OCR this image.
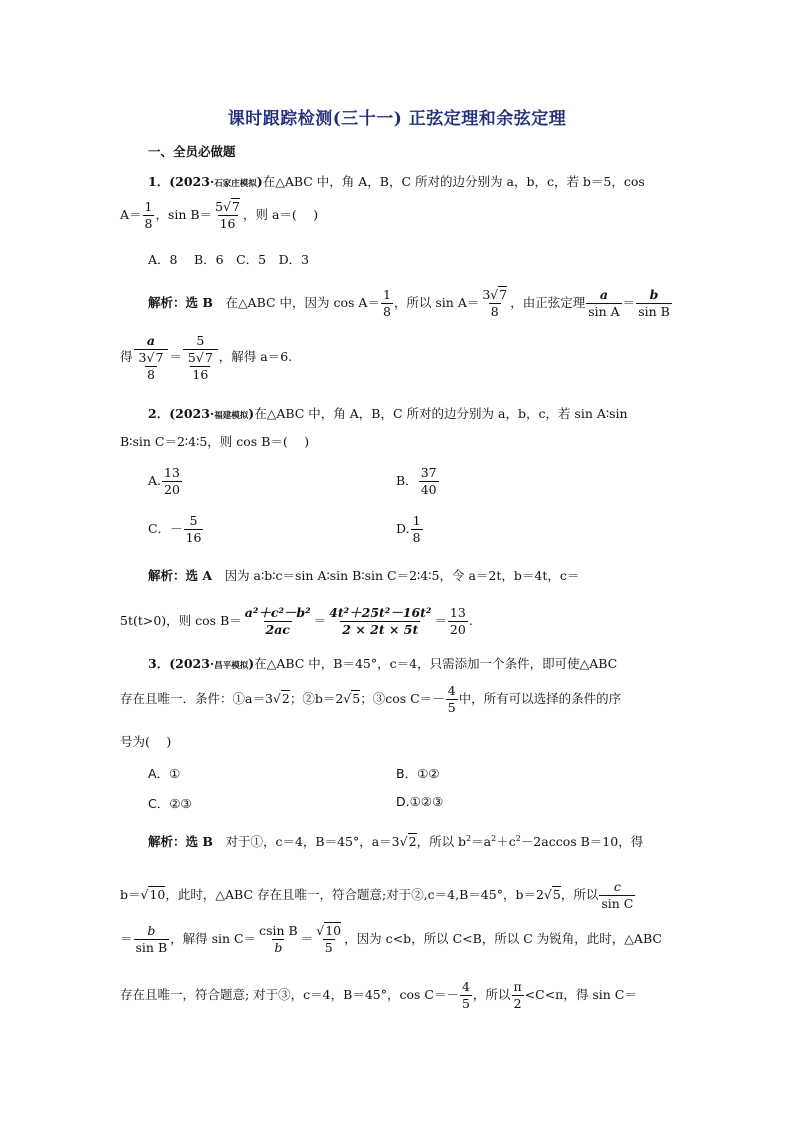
课时跟踪检测(三十一) 正弦定理和余弦定理
一、全员必做题
1．(2023·石家庄模拟)在△ABC 中，角 A，B，C 所对的边分别为 a，b，c，若 b＝5，cos
$A= \frac{1}{8}$ ，$\sin B= \frac{5√7}{16}$ ，则 a＝(　 )
A．8　 B．6　C．5　D．3
解析：选 B　在△ABC 中，因为 $\cos A= \frac{1}{8}$ ，所以 $\sin A= \frac{3√7}{8}$ ，由正弦定理 $\frac{a}{\text{sin A}} = \frac{b}{\text{sin B}}$
得 $\frac{a}{\frac{3√7}{8}} = \frac{5}{\frac{5√7}{16}}$ ，解得 a＝6.
2．(2023·福建模拟)在△ABC 中，角 A，B，C 所对的边分别为 a，b，c，若 sin A∶sin
B∶sin C＝2∶4∶5，则 cos B＝(　 )
A. $\frac{13}{20}$	B． $\frac{37}{40}$
C．－ $\frac{5}{16}$	D. $\frac{1}{8}$
解析：选 A　因为 a∶b∶c＝sin A∶sin B∶sin C＝2∶4∶5，令 a＝2t，b＝4t，c＝
5t(t>0)，则 $\cos B= \frac{\text{a²＋c²－b²}}{2ac} = \frac{\text{4t²＋25t²－16t²}}{2 \times 2t \times 5t} = \frac{13}{20}$ .
3．(2023·昌平模拟)在△ABC 中，B＝45°，c＝4，只需添加一个条件，即可使△ABC
存在且唯一．条件：①a＝3√2；②b＝2√5；③cos $C=- \frac{4}{5}$ 中，所有可以选择的条件的序
号为(　 )
A．①	B．①②
C．②③	D.①②③
解析：选 B　对于①，c＝4，B＝45°，a＝3√2，所以 $b^2=a^2+c^2-2accos$ B＝10，得
b＝√10，此时，△ABC 存在且唯一，符合题意;对于②,c＝4,B＝45°，b＝2√5，所以 $\frac{c}{\text{sin C}}$
＝ $\frac{b}{\text{sin B}}$ ，解得 $\sin C= \frac{\text{csin B}}{b} = \frac{√10}{5}$ ，因为 c<b，所以 C<B，所以 C 为锐角，此时，△ABC
存在且唯一，符合题意; 对于③，c＝4，B＝45°，$\cos C=- \frac{4}{5}$ ，所以 $\frac{\pi}{2} <C<\pi$，得 sin C＝
